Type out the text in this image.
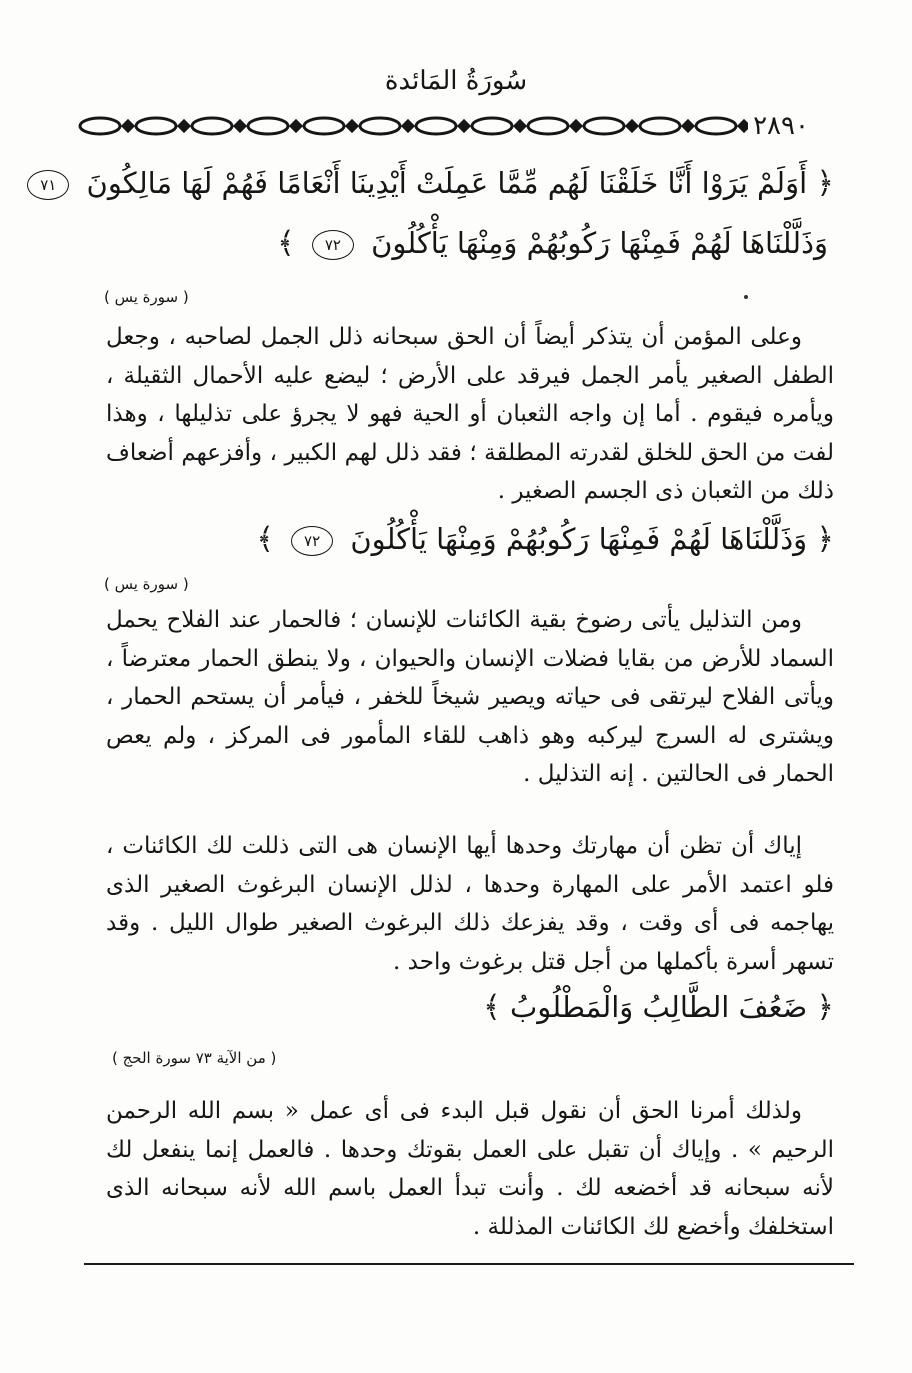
سُورَةُ المَائدة
٢٨٩٠
﴿ أَوَلَمْ يَرَوْا أَنَّا خَلَقْنَا لَهُم مِّمَّا عَمِلَتْ أَيْدِينَا أَنْعَامًا فَهُمْ لَهَا مَالِكُونَ ٧١
وَذَلَّلْنَاهَا لَهُمْ فَمِنْهَا رَكُوبُهُمْ وَمِنْهَا يَأْكُلُونَ ٧٢ ﴾
( سورة يس )

وعلى المؤمن أن يتذكر أيضاً أن الحق سبحانه ذلل الجمل لصاحبه ، وجعل الطفل الصغير يأمر الجمل فيرقد على الأرض ؛ ليضع عليه الأحمال الثقيلة ، ويأمره فيقوم . أما إن واجه الثعبان أو الحية فهو لا يجرؤ على تذليلها ، وهذا لفت من الحق للخلق لقدرته المطلقة ؛ فقد ذلل لهم الكبير ، وأفزعهم أضعاف ذلك من الثعبان ذى الجسم الصغير .

﴿ وَذَلَّلْنَاهَا لَهُمْ فَمِنْهَا رَكُوبُهُمْ وَمِنْهَا يَأْكُلُونَ ٧٢ ﴾
( سورة يس )

ومن التذليل يأتى رضوخ بقية الكائنات للإنسان ؛ فالحمار عند الفلاح يحمل السماد للأرض من بقايا فضلات الإنسان والحيوان ، ولا ينطق الحمار معترضاً ، ويأتى الفلاح ليرتقى فى حياته ويصير شيخاً للخفر ، فيأمر أن يستحم الحمار ، ويشترى له السرج ليركبه وهو ذاهب للقاء المأمور فى المركز ، ولم يعص الحمار فى الحالتين . إنه التذليل .

إياك أن تظن أن مهارتك وحدها أيها الإنسان هى التى ذللت لك الكائنات ، فلو اعتمد الأمر على المهارة وحدها ، لذلل الإنسان البرغوث الصغير الذى يهاجمه فى أى وقت ، وقد يفزعك ذلك البرغوث الصغير طوال الليل . وقد تسهر أسرة بأكملها من أجل قتل برغوث واحد .

﴿ ضَعُفَ الطَّالِبُ وَالْمَطْلُوبُ ﴾
( من الآية ٧٣ سورة الحج )

ولذلك أمرنا الحق أن نقول قبل البدء فى أى عمل « بسم الله الرحمن الرحيم » . وإياك أن تقبل على العمل بقوتك وحدها . فالعمل إنما ينفعل لك لأنه سبحانه قد أخضعه لك . وأنت تبدأ العمل باسم الله لأنه سبحانه الذى استخلفك وأخضع لك الكائنات المذللة .
